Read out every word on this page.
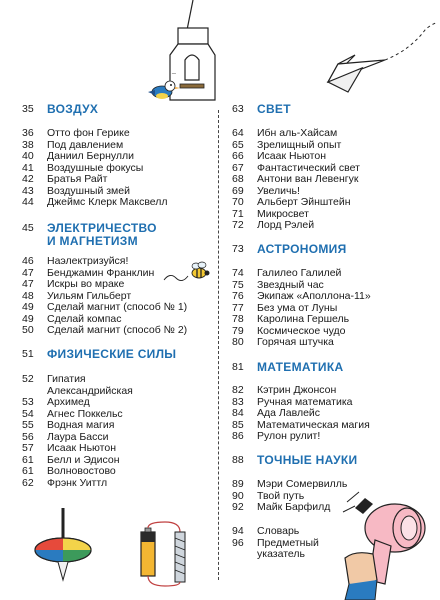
35	ВОЗДУХ
45	ЭЛЕКТРИЧЕСТВО
И МАГНЕТИЗМ
51	ФИЗИЧЕСКИЕ СИЛЫ
36	Отто фон Герике
38	Под давлением
40	Даниил Бернулли
41	Воздушные фокусы
42	Братья Райт
43	Воздушный змей
44	Джеймс Клерк Максвелл
46	Наэлектризуйся!
47	Бенджамин Франклин
47	Искры во мраке
48	Уильям Гильберт
49	Сделай магнит (способ № 1)
49	Сделай компас
50	Сделай магнит (способ № 2)
52	Гипатия
Александрийская
53	Архимед
54	Агнес Поккельс
55	Водная магия
56	Лаура Басси
57	Исаак Ньютон
61	Белл и Эдисон
61	Волновостово
62	Фрэнк Уиттл
63	СВЕТ
73	АСТРОНОМИЯ
81	МАТЕМАТИКА
88	ТОЧНЫЕ НАУКИ
64	Ибн аль-Хайсам
65	Зрелищный опыт
66	Исаак Ньютон
67	Фантастический свет
68	Антони ван Левенгук
69	Увеличь!
70	Альберт Эйнштейн
71	Микросвет
72	Лорд Рэлей
74	Галилео Галилей
75	Звездный час
76	Экипаж «Аполлона-11»
77	Без ума от Луны
78	Каролина Гершель
79	Космическое чудо
80	Горячая штучка
82	Кэтрин Джонсон
83	Ручная математика
84	Ада Лавлейс
85	Математическая магия
86	Рулон рулит!
89	Мэри Сомервилль
90	Твой путь
92	Майк Барфилд
94	Словарь
96	Предметный
указатель
_
